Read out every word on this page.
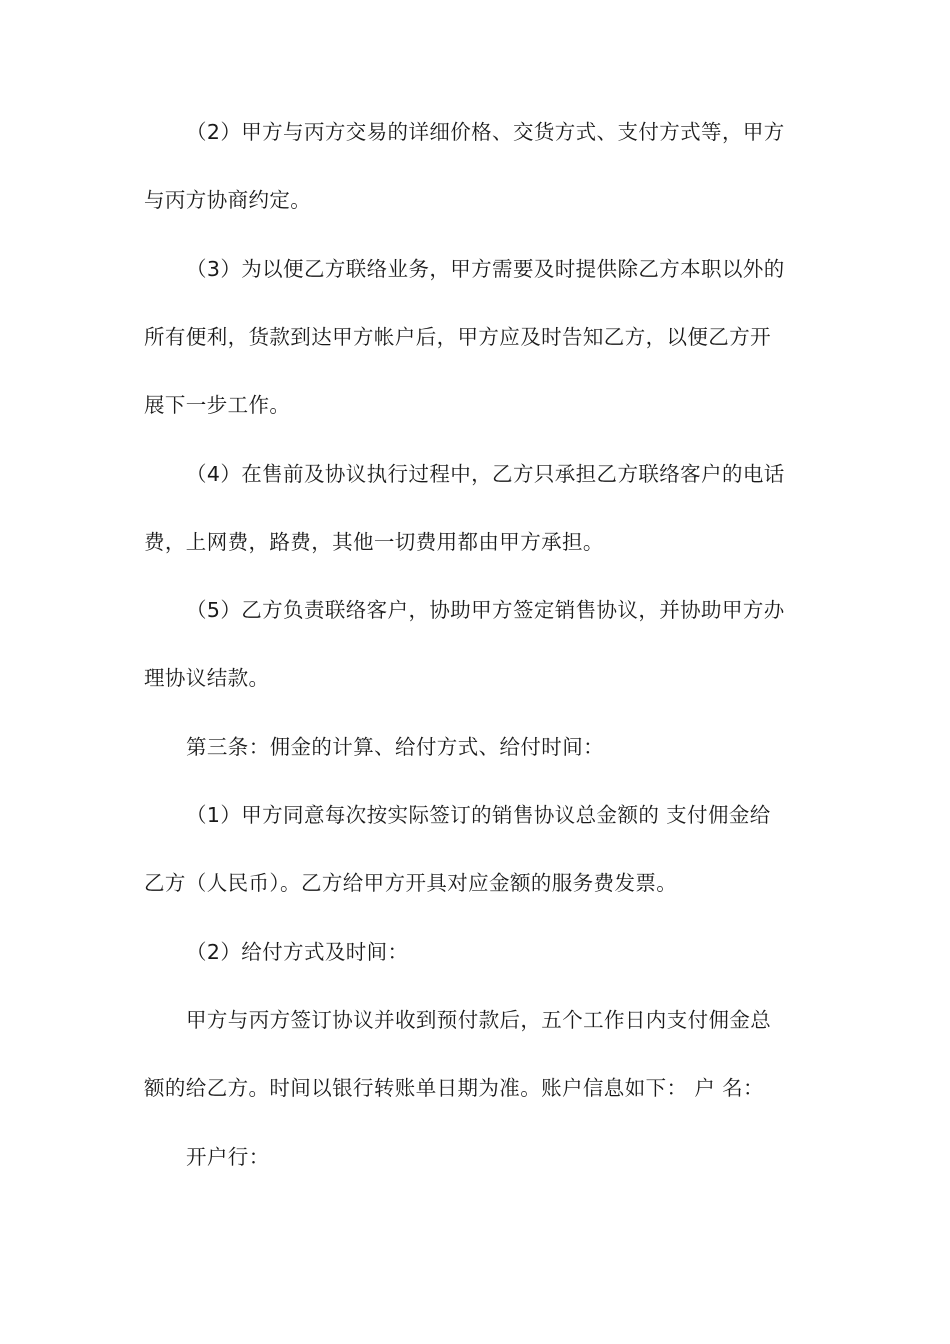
（2）甲方与丙方交易的详细价格、交货方式、支付方式等，甲方
与丙方协商约定。
（3）为以便乙方联络业务，甲方需要及时提供除乙方本职以外的
所有便利，货款到达甲方帐户后，甲方应及时告知乙方，以便乙方开
展下一步工作。
（4）在售前及协议执行过程中，乙方只承担乙方联络客户的电话
费，上网费，路费，其他一切费用都由甲方承担。
（5）乙方负责联络客户，协助甲方签定销售协议，并协助甲方办
理协议结款。
第三条：佣金的计算、给付方式、给付时间：
（1）甲方同意每次按实际签订的销售协议总金额的 支付佣金给
乙方（人民币）。乙方给甲方开具对应金额的服务费发票。
（2）给付方式及时间：
甲方与丙方签订协议并收到预付款后，五个工作日内支付佣金总
额的给乙方。时间以银行转账单日期为准。账户信息如下： 户 名：
开户行：
